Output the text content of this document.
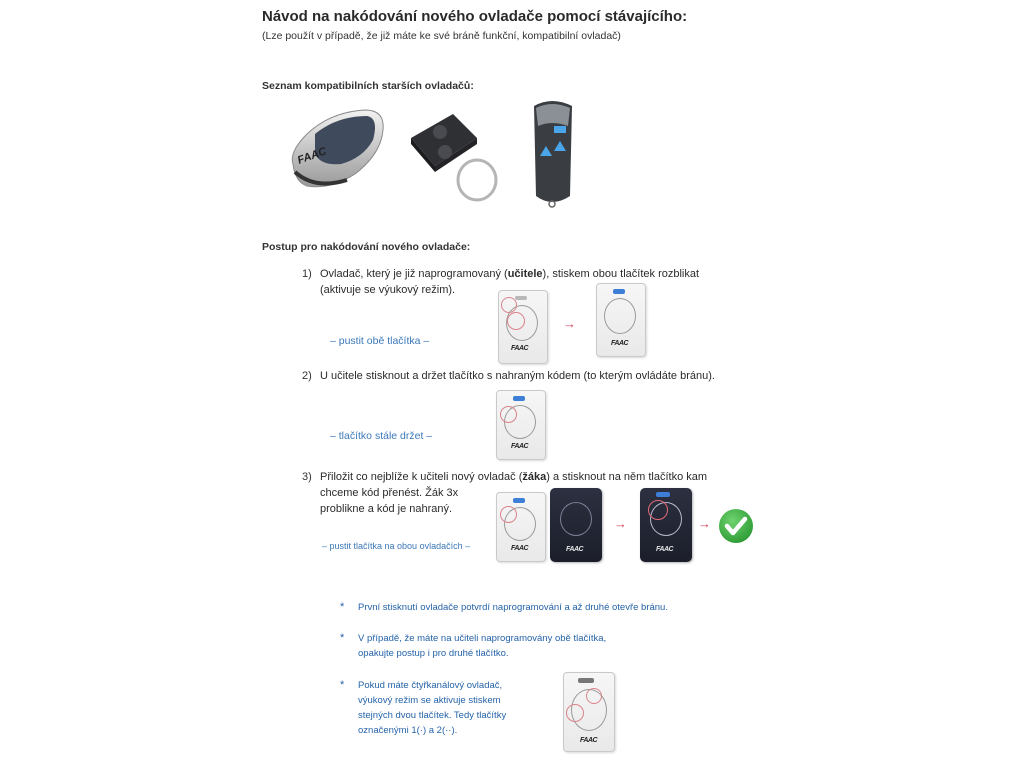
Návod na nakódování nového ovladače pomocí stávajícího:
(Lze použít v případě, že již máte ke své bráně funkční, kompatibilní ovladač)
Seznam kompatibilních starších ovladačů:
FAAC
Postup pro nakódování nového ovladače:
1) Ovladač, který je již naprogramovaný (učitele), stiskem obou tlačítek rozblikat
(aktivuje se výukový režim).
– pustit obě tlačítka –
FAAC
→
FAAC
2) U učitele stisknout a držet tlačítko s nahraným kódem (to kterým ovládáte bránu).
– tlačítko stále držet –
FAAC
3) Přiložit co nejblíže k učiteli nový ovladač (žáka) a stisknout na něm tlačítko kam
chceme kód přenést. Žák 3x
problikne a kód je nahraný.
– pustit tlačítka na obou ovladačích –	FAAC	FAAC
→
FAAC
→
* První stisknutí ovladače potvrdí naprogramování a až druhé otevře bránu.
* V případě, že máte na učiteli naprogramovány obě tlačítka,
opakujte postup i pro druhé tlačítko.
* Pokud máte čtyřkanálový ovladač,
výukový režim se aktivuje stiskem
stejných dvou tlačítek. Tedy tlačítky
označenými 1(·) a 2(··).
FAAC
